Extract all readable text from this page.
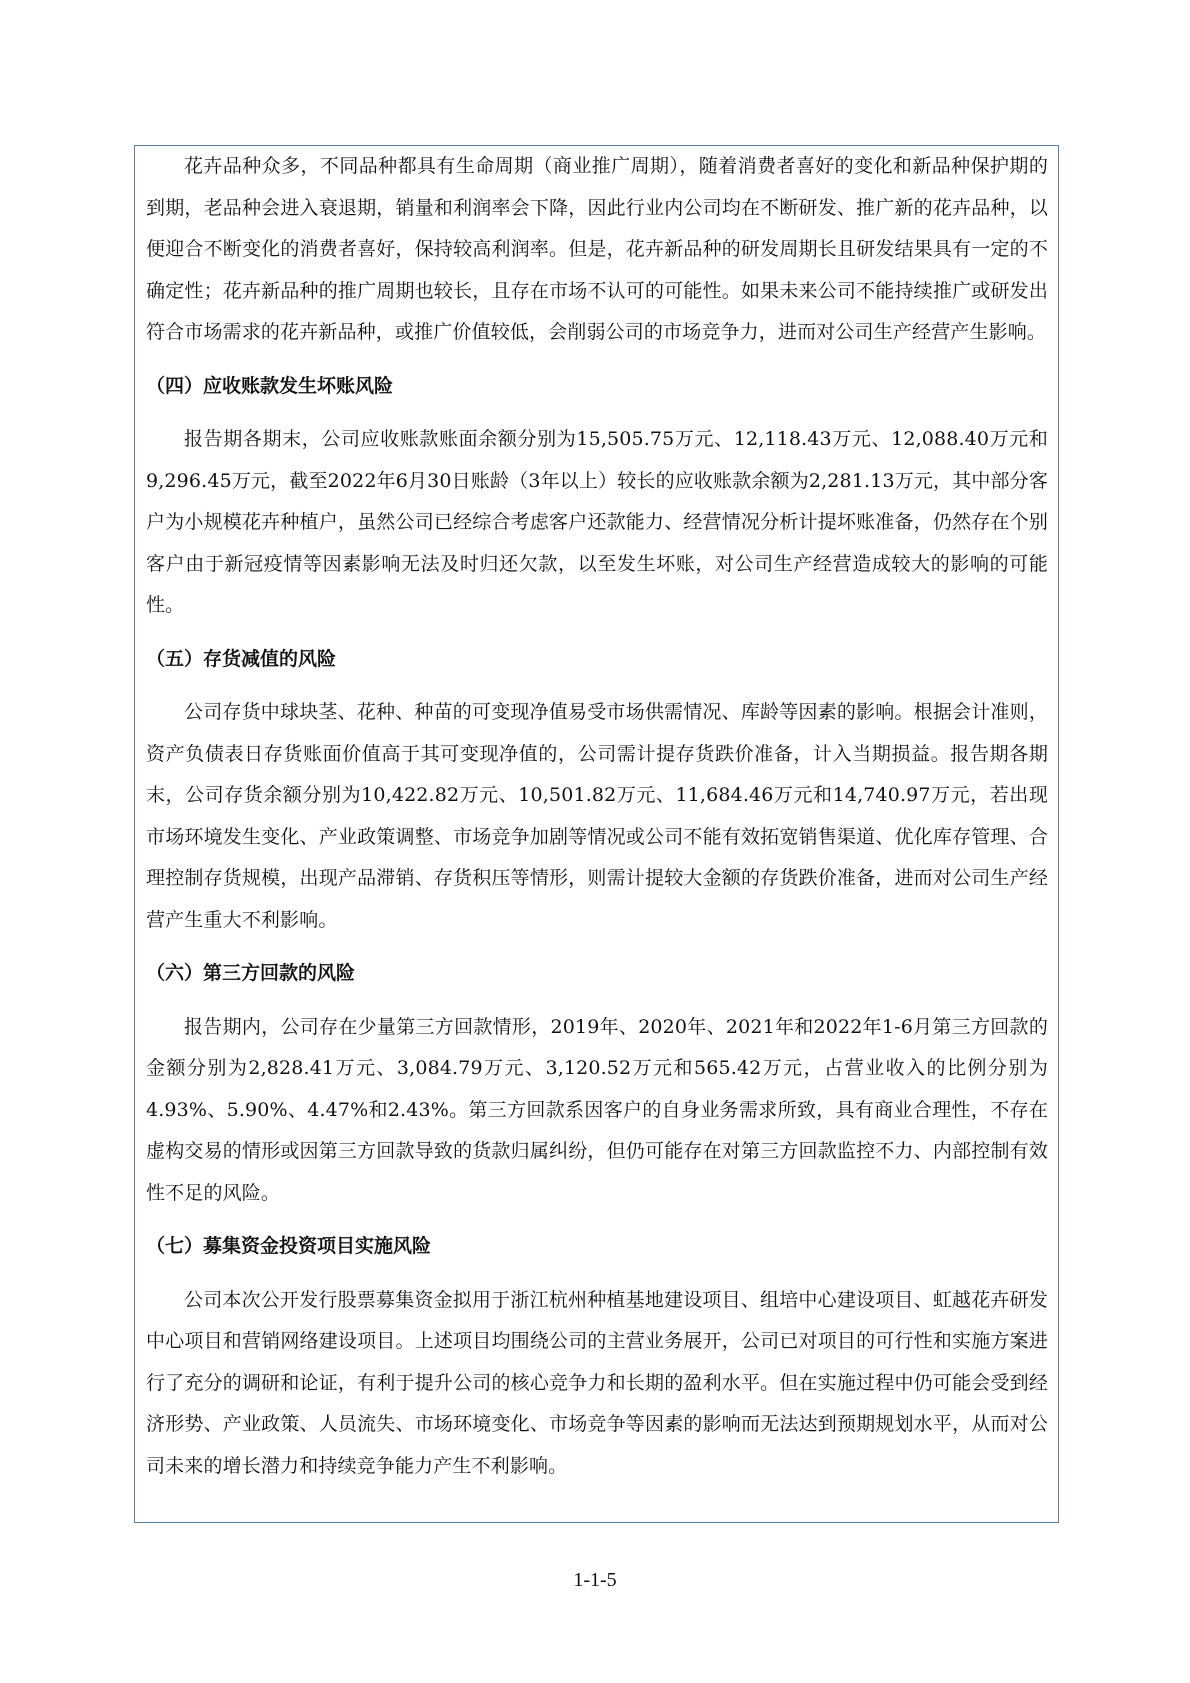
花卉品种众多，不同品种都具有生命周期（商业推广周期），随着消费者喜好的变化和新品种保护期的到期，老品种会进入衰退期，销量和利润率会下降，因此行业内公司均在不断研发、推广新的花卉品种，以便迎合不断变化的消费者喜好，保持较高利润率。但是，花卉新品种的研发周期长且研发结果具有一定的不确定性；花卉新品种的推广周期也较长，且存在市场不认可的可能性。如果未来公司不能持续推广或研发出符合市场需求的花卉新品种，或推广价值较低，会削弱公司的市场竞争力，进而对公司生产经营产生影响。

（四）应收账款发生坏账风险

报告期各期末，公司应收账款账面余额分别为15,505.75万元、12,118.43万元、12,088.40万元和9,296.45万元，截至2022年6月30日账龄（3年以上）较长的应收账款余额为2,281.13万元，其中部分客户为小规模花卉种植户，虽然公司已经综合考虑客户还款能力、经营情况分析计提坏账准备，仍然存在个别客户由于新冠疫情等因素影响无法及时归还欠款，以至发生坏账，对公司生产经营造成较大的影响的可能性。

（五）存货减值的风险

公司存货中球块茎、花种、种苗的可变现净值易受市场供需情况、库龄等因素的影响。根据会计准则，资产负债表日存货账面价值高于其可变现净值的，公司需计提存货跌价准备，计入当期损益。报告期各期末，公司存货余额分别为10,422.82万元、10,501.82万元、11,684.46万元和14,740.97万元，若出现市场环境发生变化、产业政策调整、市场竞争加剧等情况或公司不能有效拓宽销售渠道、优化库存管理、合理控制存货规模，出现产品滞销、存货积压等情形，则需计提较大金额的存货跌价准备，进而对公司生产经营产生重大不利影响。

（六）第三方回款的风险

报告期内，公司存在少量第三方回款情形，2019年、2020年、2021年和2022年1-6月第三方回款的金额分别为2,828.41万元、3,084.79万元、3,120.52万元和565.42万元，占营业收入的比例分别为4.93%、5.90%、4.47%和2.43%。第三方回款系因客户的自身业务需求所致，具有商业合理性，不存在虚构交易的情形或因第三方回款导致的货款归属纠纷，但仍可能存在对第三方回款监控不力、内部控制有效性不足的风险。

（七）募集资金投资项目实施风险

公司本次公开发行股票募集资金拟用于浙江杭州种植基地建设项目、组培中心建设项目、虹越花卉研发中心项目和营销网络建设项目。上述项目均围绕公司的主营业务展开，公司已对项目的可行性和实施方案进行了充分的调研和论证，有利于提升公司的核心竞争力和长期的盈利水平。但在实施过程中仍可能会受到经济形势、产业政策、人员流失、市场环境变化、市场竞争等因素的影响而无法达到预期规划水平，从而对公司未来的增长潜力和持续竞争能力产生不利影响。

1-1-5
